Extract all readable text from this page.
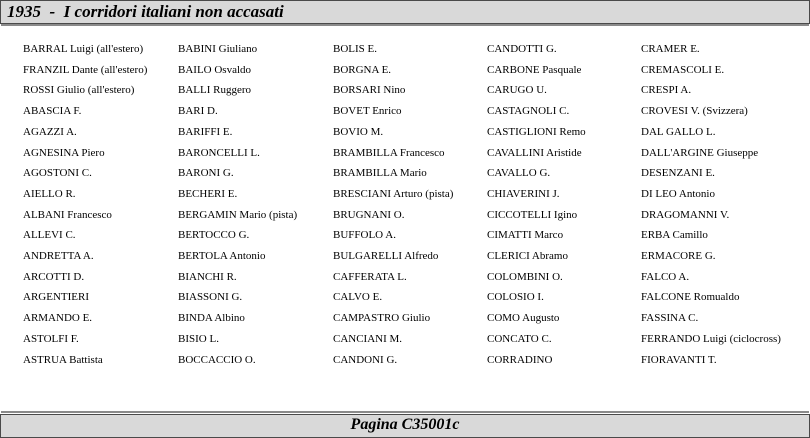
1935  -  I corridori italiani non accasati
BARRAL Luigi (all'estero)
FRANZIL Dante (all'estero)
ROSSI Giulio (all'estero)
ABASCIA F.
AGAZZI A.
AGNESINA Piero
AGOSTONI C.
AIELLO R.
ALBANI Francesco
ALLEVI C.
ANDRETTA A.
ARCOTTI D.
ARGENTIERI
ARMANDO E.
ASTOLFI F.
ASTRUA Battista
BABINI Giuliano
BAILO Osvaldo
BALLI Ruggero
BARI D.
BARIFFI E.
BARONCELLI L.
BARONI G.
BECHERI E.
BERGAMIN Mario (pista)
BERTOCCO G.
BERTOLA Antonio
BIANCHI R.
BIASSONI G.
BINDA Albino
BISIO L.
BOCCACCIO O.
BOLIS E.
BORGNA E.
BORSARI Nino
BOVET Enrico
BOVIO M.
BRAMBILLA Francesco
BRAMBILLA Mario
BRESCIANI Arturo (pista)
BRUGNANI O.
BUFFOLO A.
BULGARELLI Alfredo
CAFFERATA L.
CALVO E.
CAMPASTRO Giulio
CANCIANI M.
CANDONI G.
CANDOTTI G.
CARBONE Pasquale
CARUGO U.
CASTAGNOLI C.
CASTIGLIONI Remo
CAVALLINI Aristide
CAVALLO G.
CHIAVERINI J.
CICCOTELLI Igino
CIMATTI Marco
CLERICI Abramo
COLOMBINI O.
COLOSIO I.
COMO Augusto
CONCATO C.
CORRADINO
CRAMER E.
CREMASCOLI E.
CRESPI A.
CROVESI V. (Svizzera)
DAL GALLO L.
DALL'ARGINE Giuseppe
DESENZANI E.
DI LEO Antonio
DRAGOMANNI V.
ERBA Camillo
ERMACORE G.
FALCO A.
FALCONE Romualdo
FASSINA C.
FERRANDO Luigi (ciclocross)
FIORAVANTI T.
Pagina C35001c
